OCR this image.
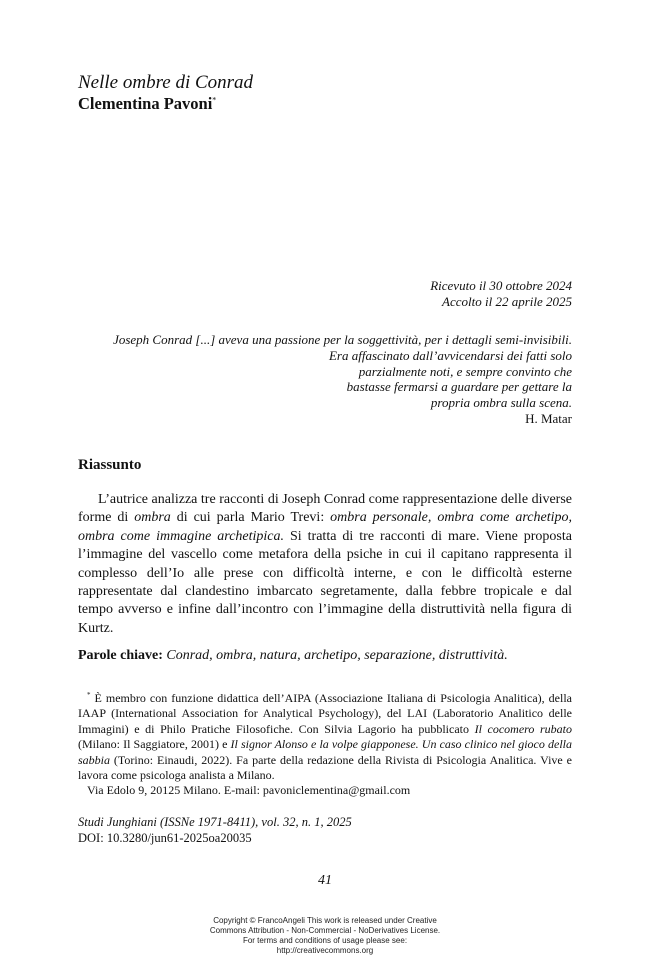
Nelle ombre di Conrad
Clementina Pavoni*
Ricevuto il 30 ottobre 2024
Accolto il 22 aprile 2025
Joseph Conrad [...] aveva una passione per la soggettività, per i dettagli semi-invisibili.
Era affascinato dall’avvicendarsi dei fatti solo
parzialmente noti, e sempre convinto che
bastasse fermarsi a guardare per gettare la
propria ombra sulla scena.
H. Matar
Riassunto

L’autrice analizza tre racconti di Joseph Conrad come rappresentazione delle diverse forme di ombra di cui parla Mario Trevi: ombra personale, ombra come archetipo, ombra come immagine archetipica. Si tratta di tre racconti di mare. Viene proposta l’immagine del vascello come metafora della psiche in cui il capitano rappresenta il complesso dell’Io alle prese con difficoltà interne, e con le difficoltà esterne rappresentate dal clandestino imbarcato segretamente, dalla febbre tropicale e dal tempo avverso e infine dall’incontro con l’immagine della distruttività nella figura di Kurtz.

Parole chiave: Conrad, ombra, natura, archetipo, separazione, distruttività.

* È membro con funzione didattica dell’AIPA (Associazione Italiana di Psicologia Analitica), della IAAP (International Association for Analytical Psychology), del LAI (Laboratorio Analitico delle Immagini) e di Philo Pratiche Filosofiche. Con Silvia Lagorio ha pubblicato Il cocomero rubato (Milano: Il Saggiatore, 2001) e Il signor Alonso e la volpe giapponese. Un caso clinico nel gioco della sabbia (Torino: Einaudi, 2022). Fa parte della redazione della Rivista di Psicologia Analitica. Vive e lavora come psicologa analista a Milano.

Via Edolo 9, 20125 Milano. E-mail: pavoniclementina@gmail.com

Studi Junghiani (ISSNe 1971-8411), vol. 32, n. 1, 2025
DOI: 10.3280/jun61-2025oa20035
41
Copyright © FrancoAngeli This work is released under Creative
Commons Attribution - Non-Commercial - NoDerivatives License.
For terms and conditions of usage please see:
http://creativecommons.org
